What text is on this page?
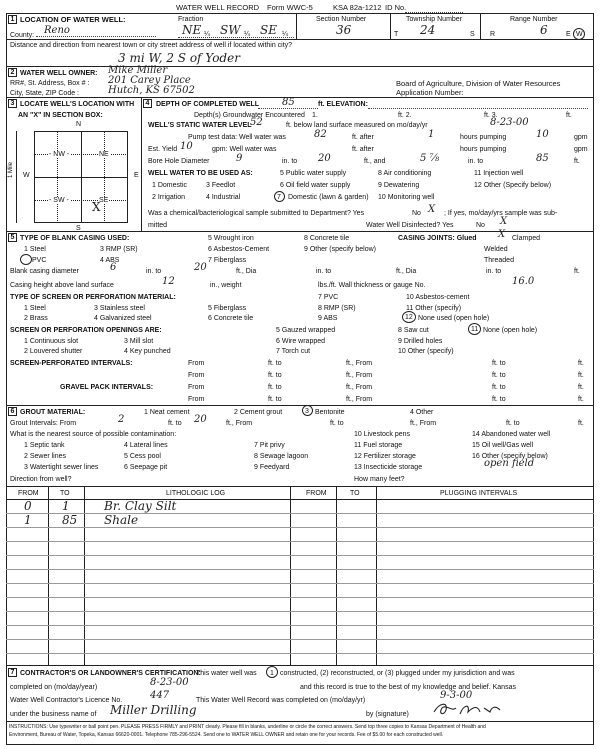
WATER WELL RECORD Form WWC-5	KSA 82a-1212 ID No.
1 LOCATION OF WATER WELL:	Fraction
County: Reno	NE ¼ SW ¼ SE ¼
Section Number
36
Township Number
T 24	S
Range Number
R	6	E W
Distance and direction from nearest town or city street address of well if located within city?
3 mi W, 2 S of Yoder
2 WATER WELL OWNER: Mike Miller
RR#, St. Address, Box # : 201 Carey Place
City, State, ZIP Code :	Hutch, KS 67502
Board of Agriculture, Division of Water Resources
Application Number:
3 LOCATE WELL'S LOCATION WITH
AN "X" IN SECTION BOX:
N
S
W	E
- NW -	NE
- SW -	SE
X
1 Mile
4 DEPTH OF COMPLETED WELL 85	ft. ELEVATION:
Depth(s) Groundwater Encountered 1.	ft. 2.	ft. 3.	ft.
WELL'S STATIC WATER LEVEL
52	ft. below land surface measured on mo/day/yr	8-23-00
Pump test data: Well water was	82	ft. after	1	hours pumping	10	gpm
Est. Yield 10	gpm: Well water was	ft. after	hours pumping	gpm
Bore Hole Diameter	9	in. to 20	ft., and	5 ⅞	in. to	85	ft.
WELL WATER TO BE USED AS:
1 Domestic	3 Feedlot
5 Public water supply	8 Air conditioning	11 Injection well
2 Irrigation	4 Industrial
6 Oil field water supply	9 Dewatering	12 Other (Specify below)
7 Domestic (lawn & garden) 10 Monitoring well
Was a chemical/bacteriological sample submitted to Department? Yes	No X ; If yes, mo/day/yrs sample was sub-
mitted	Water Well Disinfected? Yes	No X
5 TYPE OF BLANK CASING USED:
1 Steel	3 RMP (SR)
5 Wrought iron
6 Asbestos-Cement
7 Fiberglass
8 Concrete tile
9 Other (specify below)
PVC	4 ABS
CASING JOINTS: Glued X Clamped
Welded
Threaded
Blank casing diameter	6	in. to	20	ft., Dia	in. to	ft., Dia	in. to	ft.
Casing height above land surface	12	in., weight	lbs./ft. Wall thickness or gauge No.	16.0
TYPE OF SCREEN OR PERFORATION MATERIAL:
1 Steel	3 Stainless steel	5 Fiberglass
7 PVC	10 Asbestos-cement
2 Brass	4 Galvanized steel	6 Concrete tile
8 RMP (SR)	11 Other (specify)
9 ABS	12 None used (open hole)
SCREEN OR PERFORATION OPENINGS ARE:	5 Gauzed wrapped	8 Saw cut	11 None (open hole)
1 Continuous slot	3 Mill slot	6 Wire wrapped	9 Drilled holes
2 Louvered shutter	4 Key punched	7 Torch cut	10 Other (specify)
SCREEN-PERFORATED INTERVALS:	From	ft. to	ft., From	ft. to	ft.
From	ft. to	ft., From	ft. to	ft.
GRAVEL PACK INTERVALS:	From	ft. to	ft., From	ft. to	ft.
From	ft. to	ft., From	ft. to	ft.
6 GROUT MATERIAL:	1 Neat cement	2 Cement grout	3 Bentonite	4 Other
Grout Intervals: From	2	ft. to 20	ft., From	ft. to	ft., From	ft. to	ft.
What is the nearest source of possible contamination:
1 Septic tank	4 Lateral lines	7 Pit privy
10 Livestock pens	14 Abandoned water well
2 Sewer lines	5 Cess pool	8 Sewage lagoon
11 Fuel storage	15 Oil well/Gas well
3 Watertight sewer lines	6 Seepage pit	9 Feedyard
12 Fertilizer storage	16 Other (specify below)
13 Insecticide storage	open field
Direction from well?	How many feet?
FROM	TO	LITHOLOGIC LOG	FROM	TO	PLUGGING INTERVALS
0	1	Br. Clay Silt
1	85 Shale
7 CONTRACTOR'S OR LANDOWNER'S CERTIFICATION:
This water well was 1 constructed, (2) reconstructed, or (3) plugged under my jurisdiction and was
completed on (mo/day/year)	8-23-00	and this record is true to the best of my knowledge and belief. Kansas
Water Well Contractor's Licence No.	447	This Water Well Record was completed on (mo/day/yr)	9-3-00
under the business name of Miller Drilling	by (signature)
INSTRUCTIONS: Use typewriter or ball point pen. PLEASE PRESS FIRMLY and PRINT clearly. Please fill in blanks, underline or circle the correct answers. Send top three copies to Kansas Department of Health and
Environment, Bureau of Water, Topeka, Kansas 66620-0001. Telephone 785-296-5524. Send one to WATER WELL OWNER and retain one for your records. Fee of $5.00 for each constructed well.
